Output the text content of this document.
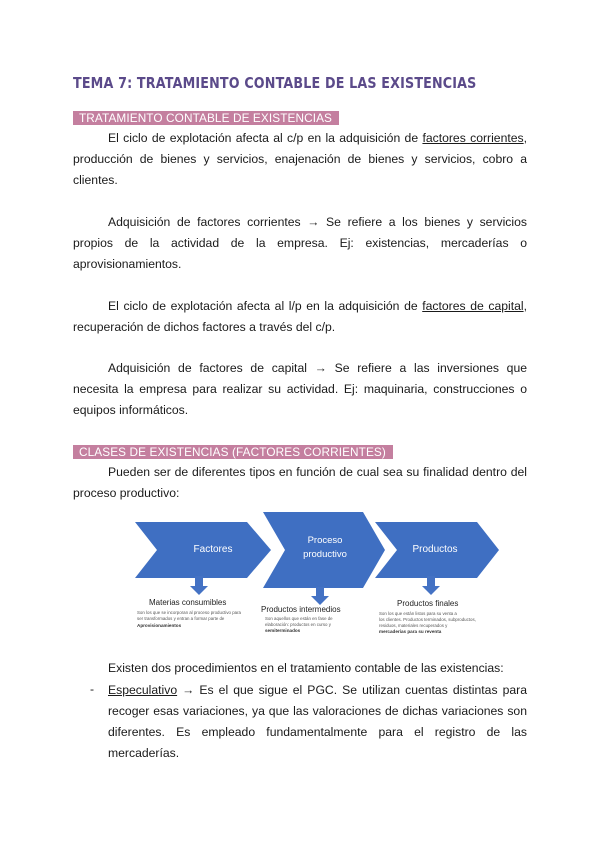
TEMA 7: TRATAMIENTO CONTABLE DE LAS EXISTENCIAS
TRATAMIENTO CONTABLE DE EXISTENCIAS

El ciclo de explotación afecta al c/p en la adquisición de factores corrientes, producción de bienes y servicios, enajenación de bienes y servicios, cobro a clientes.

Adquisición de factores corrientes → Se refiere a los bienes y servicios propios de la actividad de la empresa. Ej: existencias, mercaderías o aprovisionamientos.

El ciclo de explotación afecta al l/p en la adquisición de factores de capital, recuperación de dichos factores a través del c/p.

Adquisición de factores de capital → Se refiere a las inversiones que necesita la empresa para realizar su actividad. Ej: maquinaria, construcciones o equipos informáticos.

CLASES DE EXISTENCIAS (FACTORES CORRIENTES)

Pueden ser de diferentes tipos en función de cual sea su finalidad dentro del proceso productivo:

Factores
Proceso
productivo	Productos
Materias consumibles
Son los que se incorporan al proceso productivo para
ser transformados y entran a formar parte de
Aprovisionamientos
Productos intermedios
Son aquellos que están en fase de
elaboración: productos en curso y
semiterminados
Productos finales
Son los que están listos para su venta a
los clientes. Productos terminados, subproductos,
residuos, materiales recuperados y
mercaderías para su reventa

Existen dos procedimientos en el tratamiento contable de las existencias:

- Especulativo → Es el que sigue el PGC. Se utilizan cuentas distintas para recoger esas variaciones, ya que las valoraciones de dichas variaciones son diferentes. Es empleado fundamentalmente para el registro de las mercaderías.
